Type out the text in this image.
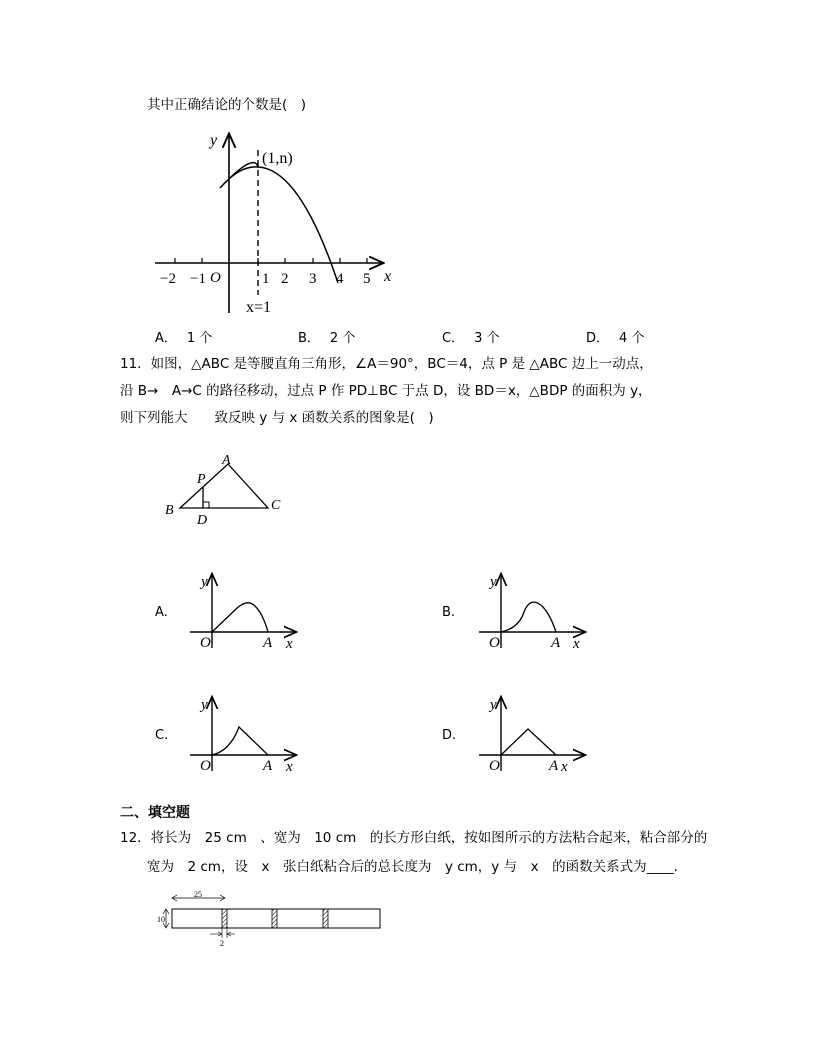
其中正确结论的个数是(　)
y
(1,n)
O
−2 −1	1 2 3 4 5 x
x=1
A． 1 个	B． 2 个	C． 3 个	D． 4 个
11．如图，△ABC 是等腰直角三角形，∠A＝90°，BC＝4，点 P 是 △ABC 边上一动点，
沿 B→　A→C 的路径移动，过点 P 作 PD⊥BC 于点 D，设 BD＝x，△BDP 的面积为 y，
则下列能大　　致反映 y 与 x 函数关系的图象是(　)
A
P
B
D
C
A.
y
O	A x
B.
y
O	A x
C.
y
O	A x
D.
y
O	A x
二、填空题
12．将长为　25 cm　、宽为　10 cm　的长方形白纸，按如图所示的方法粘合起来，粘合部分的
宽为　2 cm，设　x　张白纸粘合后的总长度为　y cm，y 与　x　的函数关系式为____．
25
10
2
